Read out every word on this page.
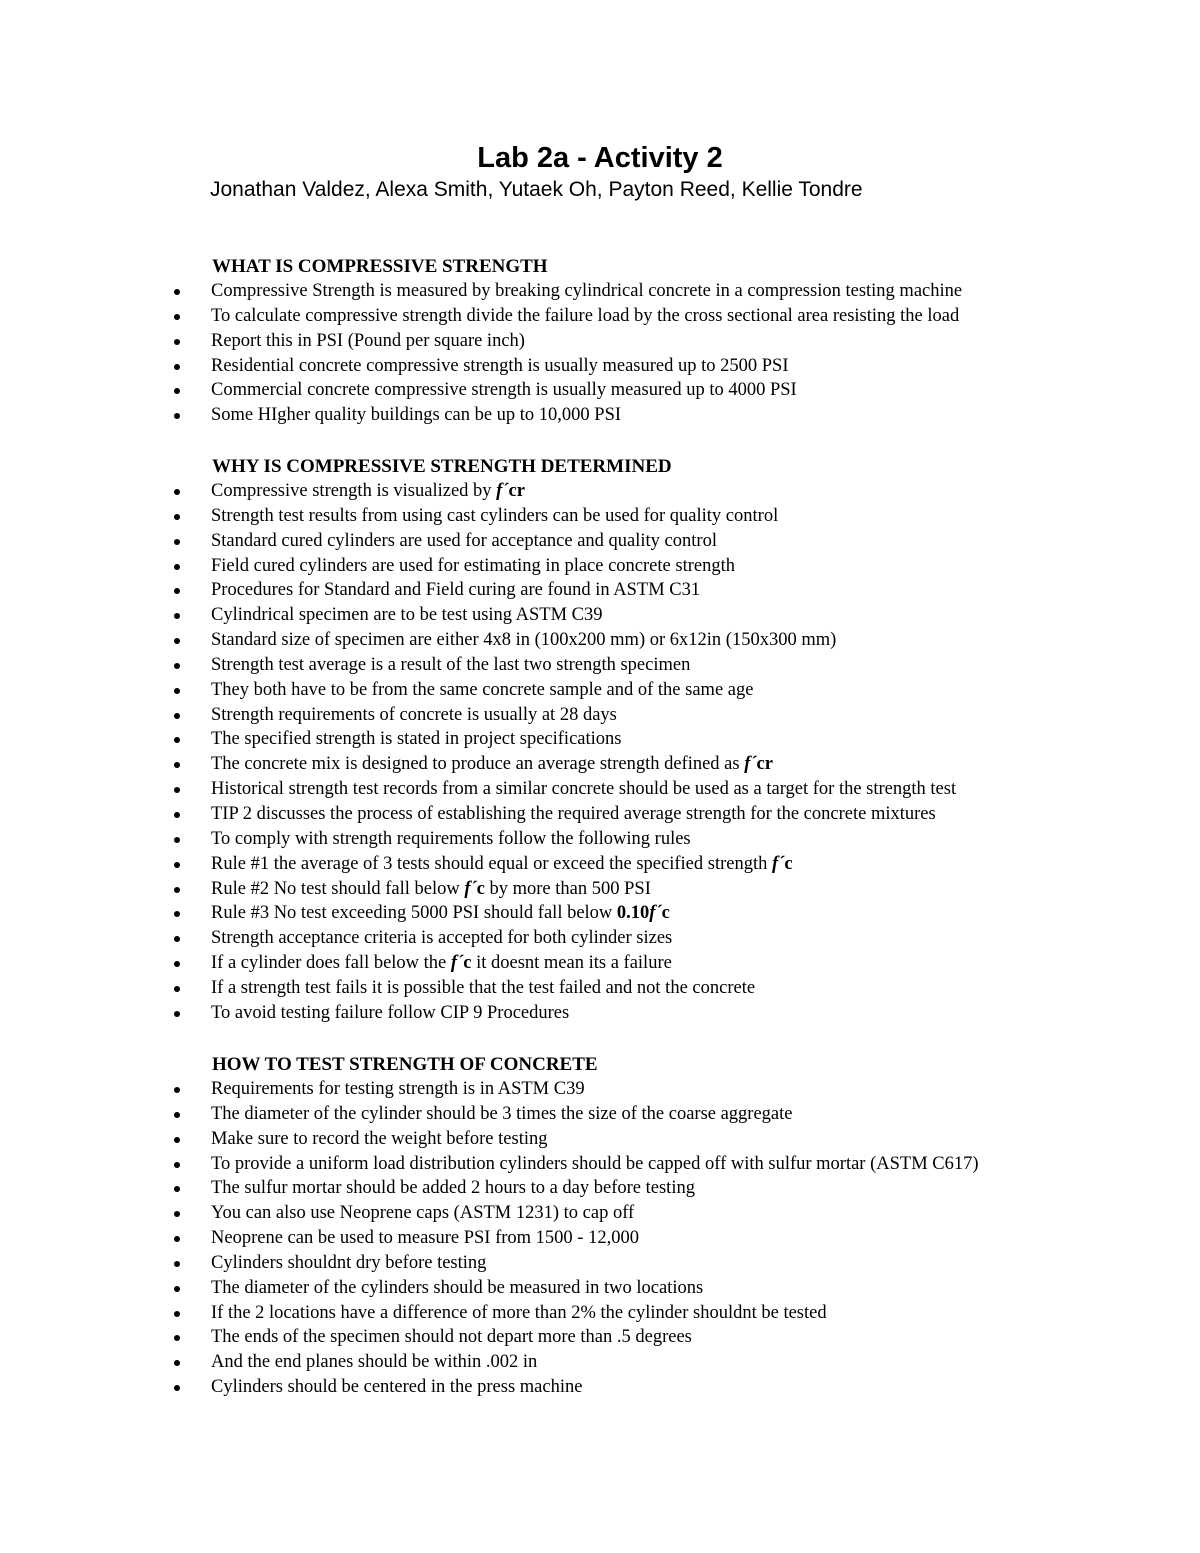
Lab 2a - Activity 2

Jonathan Valdez, Alexa Smith, Yutaek Oh, Payton Reed, Kellie Tondre

WHAT IS COMPRESSIVE STRENGTH
Compressive Strength is measured by breaking cylindrical concrete in a compression testing machine
To calculate compressive strength divide the failure load by the cross sectional area resisting the load
Report this in PSI (Pound per square inch)
Residential concrete compressive strength is usually measured up to 2500 PSI
Commercial concrete compressive strength is usually measured up to 4000 PSI
Some HIgher quality buildings can be up to 10,000 PSI
WHY IS COMPRESSIVE STRENGTH DETERMINED
Compressive strength is visualized by f´cr
Strength test results from using cast cylinders can be used for quality control
Standard cured cylinders are used for acceptance and quality control
Field cured cylinders are used for estimating in place concrete strength
Procedures for Standard and Field curing are found in ASTM C31
Cylindrical specimen are to be test using ASTM C39
Standard size of specimen are either 4x8 in (100x200 mm) or 6x12in (150x300 mm)
Strength test average is a result of the last two strength specimen
They both have to be from the same concrete sample and of the same age
Strength requirements of concrete is usually at 28 days
The specified strength is stated in project specifications
The concrete mix is designed to produce an average strength defined as f´cr
Historical strength test records from a similar concrete should be used as a target for the strength test
TIP 2 discusses the process of establishing the required average strength for the concrete mixtures
To comply with strength requirements follow the following rules
Rule #1 the average of 3 tests should equal or exceed the specified strength f´c
Rule #2 No test should fall below f´c by more than 500 PSI
Rule #3 No test exceeding 5000 PSI should fall below 0.10f´c
Strength acceptance criteria is accepted for both cylinder sizes
If a cylinder does fall below the f´c it doesnt mean its a failure
If a strength test fails it is possible that the test failed and not the concrete
To avoid testing failure follow CIP 9 Procedures
HOW TO TEST STRENGTH OF CONCRETE
Requirements for testing strength is in ASTM C39
The diameter of the cylinder should be 3 times the size of the coarse aggregate
Make sure to record the weight before testing
To provide a uniform load distribution cylinders should be capped off with sulfur mortar (ASTM C617)
The sulfur mortar should be added 2 hours to a day before testing
You can also use Neoprene caps (ASTM 1231) to cap off
Neoprene can be used to measure PSI from 1500 - 12,000
Cylinders shouldnt dry before testing
The diameter of the cylinders should be measured in two locations
If the 2 locations have a difference of more than 2% the cylinder shouldnt be tested
The ends of the specimen should not depart more than .5 degrees
And the end planes should be within .002 in
Cylinders should be centered in the press machine
